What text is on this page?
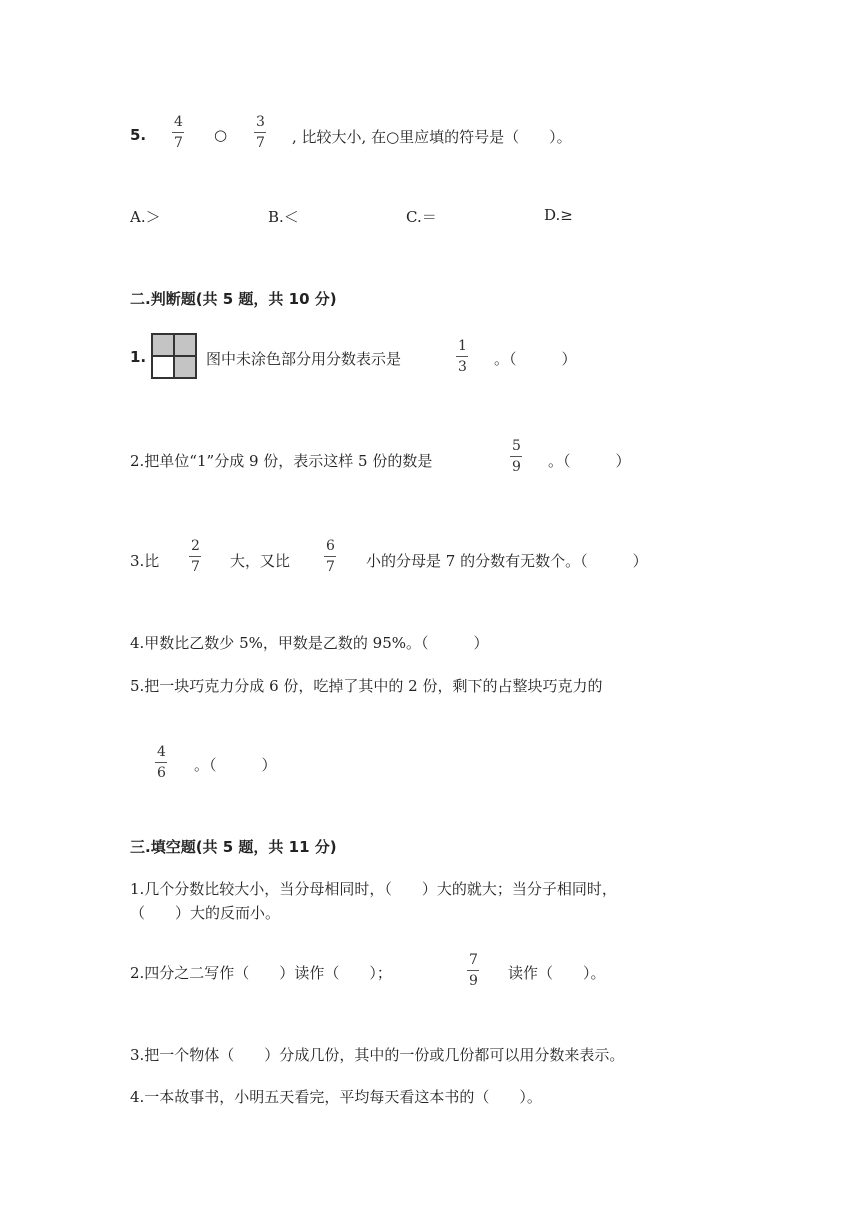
5.
4
7 ○
3
7 , 比较大小, 在○里应填的符号是（　　）。
A.＞	B.＜	C.＝	D.≥
二.判断题(共 5 题，共 10 分)
1.	图中未涂色部分用分数表示是
1
3 。（　　　）
2.把单位“1”分成 9 份，表示这样 5 份的数是
5
9 。（　　　）
3.比
2
7 大，又比
6
7 小的分母是 7 的分数有无数个。（　　　）
4.甲数比乙数少 5%，甲数是乙数的 95%。（　　　）
5.把一块巧克力分成 6 份，吃掉了其中的 2 份，剩下的占整块巧克力的
4
6 。（　　　）
三.填空题(共 5 题，共 11 分)
1.几个分数比较大小，当分母相同时，（　　）大的就大；当分子相同时，
（　　）大的反而小。
2.四分之二写作（　　）读作（　　）；
7
9 读作（　　）。
3.把一个物体（　　）分成几份，其中的一份或几份都可以用分数来表示。
4.一本故事书，小明五天看完，平均每天看这本书的（　　）。
